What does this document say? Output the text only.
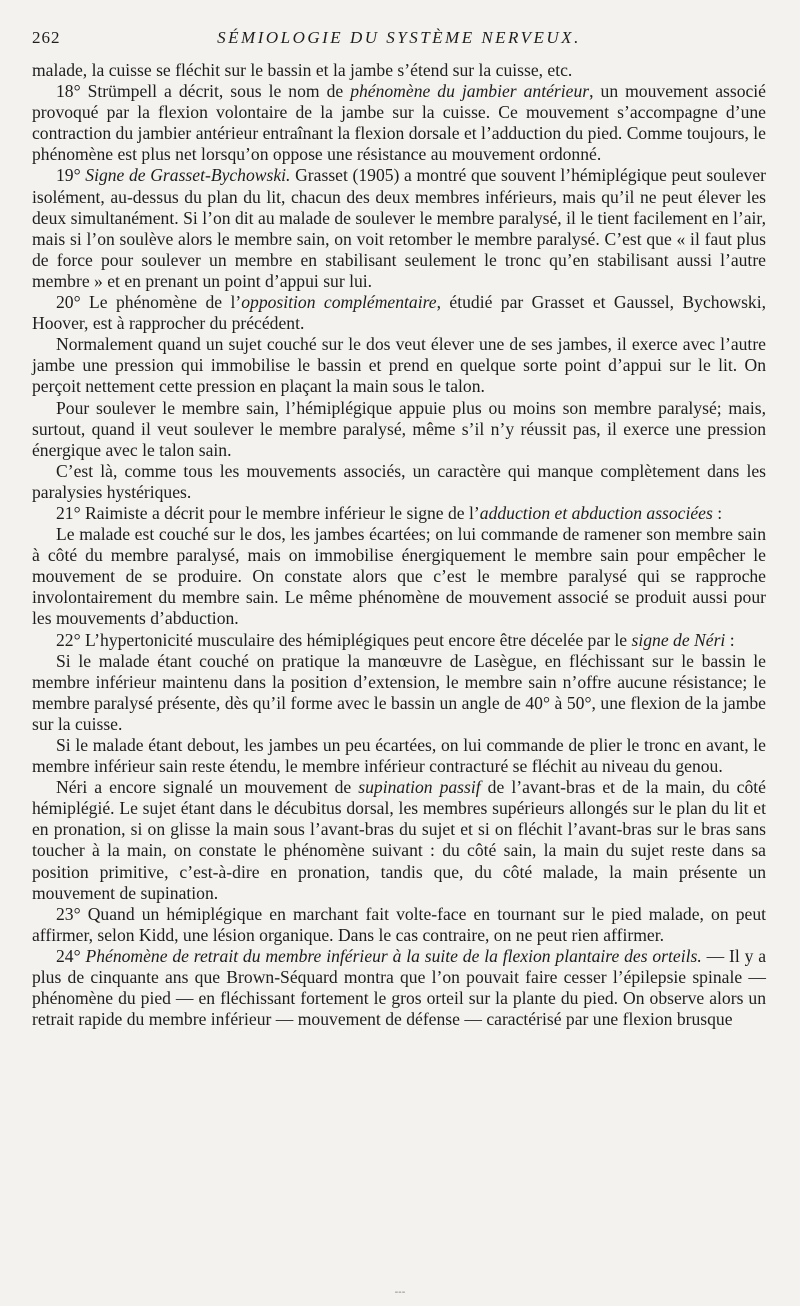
262	SÉMIOLOGIE DU SYSTÈME NERVEUX.

malade, la cuisse se fléchit sur le bassin et la jambe s’étend sur la cuisse, etc.

18° Strümpell a décrit, sous le nom de phénomène du jambier antérieur, un mouvement associé provoqué par la flexion volontaire de la jambe sur la cuisse. Ce mouvement s’accompagne d’une contraction du jambier antérieur entraînant la flexion dorsale et l’adduction du pied. Comme toujours, le phénomène est plus net lorsqu’on oppose une résistance au mouvement ordonné.

19° Signe de Grasset-Bychowski. Grasset (1905) a montré que souvent l’hémiplégique peut soulever isolément, au-dessus du plan du lit, chacun des deux membres inférieurs, mais qu’il ne peut élever les deux simultanément. Si l’on dit au malade de soulever le membre paralysé, il le tient facilement en l’air, mais si l’on soulève alors le membre sain, on voit retomber le membre paralysé. C’est que « il faut plus de force pour soulever un membre en stabilisant seulement le tronc qu’en stabilisant aussi l’autre membre » et en prenant un point d’appui sur lui.

20° Le phénomène de l’opposition complémentaire, étudié par Grasset et Gaussel, Bychowski, Hoover, est à rapprocher du précédent.

Normalement quand un sujet couché sur le dos veut élever une de ses jambes, il exerce avec l’autre jambe une pression qui immobilise le bassin et prend en quelque sorte point d’appui sur le lit. On perçoit nettement cette pression en plaçant la main sous le talon.

Pour soulever le membre sain, l’hémiplégique appuie plus ou moins son membre paralysé; mais, surtout, quand il veut soulever le membre paralysé, même s’il n’y réussit pas, il exerce une pression énergique avec le talon sain.

C’est là, comme tous les mouvements associés, un caractère qui manque complètement dans les paralysies hystériques.

21° Raimiste a décrit pour le membre inférieur le signe de l’adduction et abduction associées :

Le malade est couché sur le dos, les jambes écartées; on lui commande de ramener son membre sain à côté du membre paralysé, mais on immobilise énergiquement le membre sain pour empêcher le mouvement de se produire. On constate alors que c’est le membre paralysé qui se rapproche involontairement du membre sain. Le même phénomène de mouvement associé se produit aussi pour les mouvements d’abduction.

22° L’hypertonicité musculaire des hémiplégiques peut encore être décelée par le signe de Néri :

Si le malade étant couché on pratique la manœuvre de Lasègue, en fléchissant sur le bassin le membre inférieur maintenu dans la position d’extension, le membre sain n’offre aucune résistance; le membre paralysé présente, dès qu’il forme avec le bassin un angle de 40° à 50°, une flexion de la jambe sur la cuisse.

Si le malade étant debout, les jambes un peu écartées, on lui commande de plier le tronc en avant, le membre inférieur sain reste étendu, le membre inférieur contracturé se fléchit au niveau du genou.

Néri a encore signalé un mouvement de supination passif de l’avant-bras et de la main, du côté hémiplégié. Le sujet étant dans le décubitus dorsal, les membres supérieurs allongés sur le plan du lit et en pronation, si on glisse la main sous l’avant-bras du sujet et si on fléchit l’avant-bras sur le bras sans toucher à la main, on constate le phénomène suivant : du côté sain, la main du sujet reste dans sa position primitive, c’est-à-dire en pronation, tandis que, du côté malade, la main présente un mouvement de supination.

23° Quand un hémiplégique en marchant fait volte-face en tournant sur le pied malade, on peut affirmer, selon Kidd, une lésion organique. Dans le cas contraire, on ne peut rien affirmer.

24° Phénomène de retrait du membre inférieur à la suite de la flexion plantaire des orteils. — Il y a plus de cinquante ans que Brown-Séquard montra que l’on pouvait faire cesser l’épilepsie spinale — phénomène du pied — en fléchissant fortement le gros orteil sur la plante du pied. On observe alors un retrait rapide du membre inférieur — mouvement de défense — caractérisé par une flexion brusque

---
